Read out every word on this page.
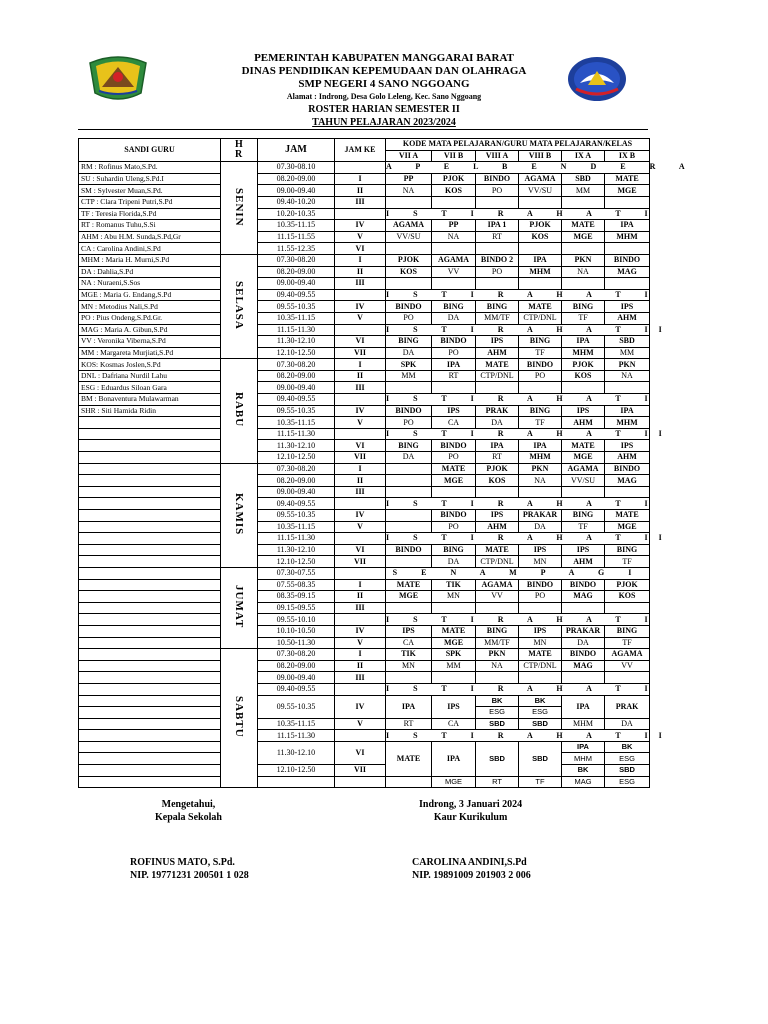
PEMERINTAH KABUPATEN MANGGARAI BARAT
DINAS PENDIDIKAN KEPEMUDAAN DAN OLAHRAGA
SMP NEGERI 4 SANO NGGOANG
Alamat : Indrong, Desa Golo Leleng, Kec. Sano Nggoang
ROSTER HARIAN SEMESTER II
TAHUN PELAJARAN 2023/2024
SANDI GURU	H R	JAM	JAM KE	KODE MATA PELAJARAN/GURU MATA PELAJARAN/KELAS						
				VII A	VII B	VIII A	VIII B	IX A	IX B	
RM : Rofinus Mato,S.Pd.	SENIN	07.30-08.10		A P E L B E N D E R A						
SU : Suhardin Uleng,S.Pd.I		08.20-09.00	I	PP	PJOK	BINDO	AGAMA	SBD	MATE	
SM : Sylvester Muan,S.Pd.		09.00-09.40	II	NA	KOS	PO	VV/SU	MM	MGE	
CTP : Clara Tripeni Putri,S.Pd		09.40-10.20	III							
TF : Teresia Florida,S.Pd		10.20-10.35		I S T I R A H A T I						
RT : Romanus Tuhu,S.Si		10.35-11.15	IV	AGAMA	PP	IPA 1	PJOK	MATE	IPA	
AHM : Abu H.M. Sunda,S.Pd,Gr		11.15-11.55	V	VV/SU	NA	RT	KOS	MGE	MHM	
CA : Carolina Andini,S.Pd		11.55-12.35	VI							
MHM : Maria H. Murni,S.Pd	SELASA	07.30-08.20	I	PJOK	AGAMA	BINDO 2	IPA	PKN	BINDO	
DA : Dahlia,S.Pd		08.20-09.00	II	KOS	VV	PO	MHM	NA	MAG	
NA : Nuraeni,S.Sos		09.00-09.40	III							
MGE : Maria G. Endang,S.Pd		09.40-09.55		I S T I R A H A T I						
MN : Metodius Nali,S.Pd		09.55-10.35	IV	BINDO	BING	BING	MATE	BING	IPS	
PO : Pius Ondeng,S.Pd.Gr.		10.35-11.15	V	PO	DA	MM/TF	CTP/DNL	TF	AHM	
MAG : Maria A. Gibun,S.Pd		11.15-11.30		I S T I R A H A T II						
VV : Veronika Viberna,S.Pd		11.30-12.10	VI	BING	BINDO	IPS	BING	IPA	SBD	
MM : Margareta Murjiati,S.Pd		12.10-12.50	VII	DA	PO	AHM	TF	MHM	MM	
KOS: Kosmas Joslen,S.Pd	RABU	07.30-08.20	I	SPK	IPA	MATE	BINDO	PJOK	PKN	
DNL : Dafriana Nurdil Lahu		08.20-09.00	II	MM	RT	CTP/DNL	PO	KOS	NA	
ESG : Eduardus Siloan Gara		09.00-09.40	III							
BM : Bonaventura Mulawarman		09.40-09.55		I S T I R A H A T I						
SHR : Siti Hamida Ridin		09.55-10.35	IV	BINDO	IPS	PRAK	BING	IPS	IPA	
		10.35-11.15	V	PO	CA	DA	TF	AHM	MHM	
		11.15-11.30		I S T I R A H A T II						
		11.30-12.10	VI	BING	BINDO	IPA	IPA	MATE	IPS	
		12.10-12.50	VII	DA	PO	RT	MHM	MGE	AHM	
	KAMIS	07.30-08.20	I		MATE	PJOK	PKN	AGAMA	BINDO	
		08.20-09.00	II		MGE	KOS	NA	VV/SU	MAG	
		09.00-09.40	III							
		09.40-09.55		I S T I R A H A T I						
		09.55-10.35	IV		BINDO	IPS	PRAKAR	BING	MATE	
		10.35-11.15	V		PO	AHM	DA	TF	MGE	
		11.15-11.30		I S T I R A H A T II						
		11.30-12.10	VI	BINDO	BING	MATE	IPS	IPS	BING	
		12.10-12.50	VII		DA	CTP/DNL	MN	AHM	TF	
	JUMAT	07.30-07.55		S E N A M P A G I						
		07.55-08.35	I	MATE	TIK	AGAMA	BINDO	BINDO	PJOK	
		08.35-09.15	II	MGE	MN	VV	PO	MAG	KOS	
		09.15-09.55	III							
		09.55-10.10		I S T I R A H A T I						
		10.10-10.50	IV	IPS	MATE	BING	IPS	PRAKAR	BING	
		10.50-11.30	V	CA	MGE	MM/TF	MN	DA	TF	
	SABTU	07.30-08.20	I	TIK	SPK	PKN	MATE	BINDO	AGAMA	
		08.20-09.00	II	MN	MM	NA	CTP/DNL	MAG	VV	
		09.00-09.40	III							
		09.40-09.55		I S T I R A H A T I						
		09.55-10.35	IV	IPA	IPS	BK	BK	IPA	PRAK	
						ESG	ESG			
		10.35-11.15	V	RT	CA	SBD	SBD	MHM	DA	
		11.15-11.30		I S T I R A H A T II						
		11.30-12.10	VI	MATE	IPA	SBD	SBD	IPA	BK	
								MHM	ESG	
		12.10-12.50	VII					BK	SBD	
					MGE	RT	TF	MAG	ESG	
Mengetahui,
Kepala Sekolah
ROFINUS MATO, S.Pd.
NIP. 19771231 200501 1 028
Indrong, 3 Januari 2024
Kaur Kurikulum
CAROLINA ANDINI,S.Pd
NIP. 19891009 201903 2 006
